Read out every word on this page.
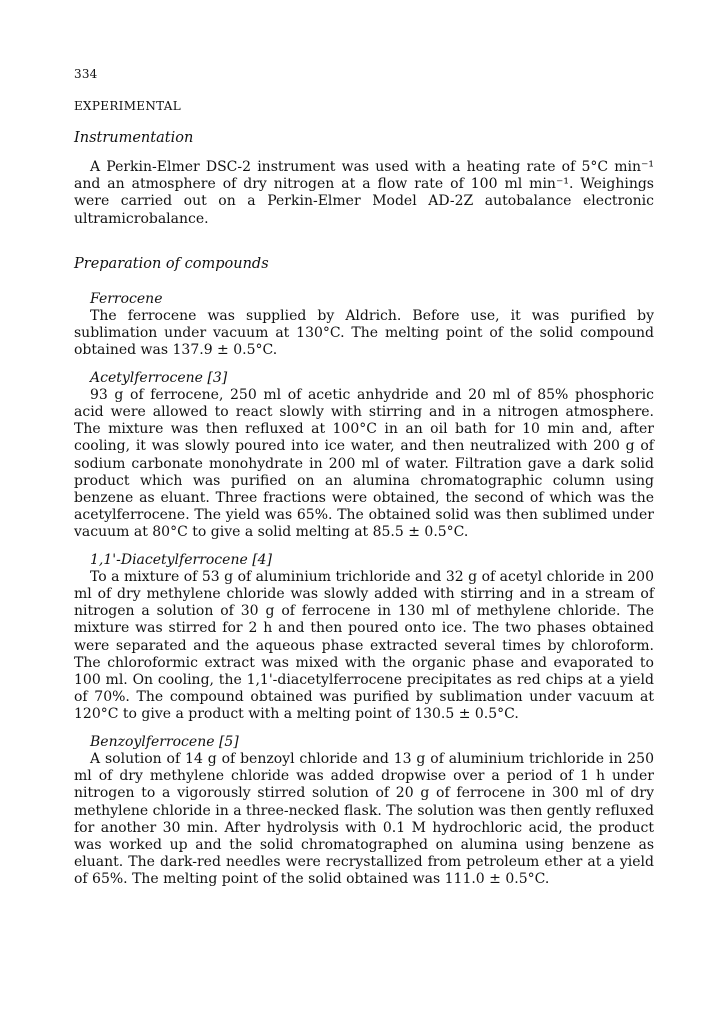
334

EXPERIMENTAL

Instrumentation

A Perkin-Elmer DSC-2 instrument was used with a heating rate of 5°C min⁻¹ and an atmosphere of dry nitrogen at a flow rate of 100 ml min⁻¹. Weighings were carried out on a Perkin-Elmer Model AD-2Z autobalance electronic ultramicrobalance.

Preparation of compounds

Ferrocene

The ferrocene was supplied by Aldrich. Before use, it was purified by sublimation under vacuum at 130°C. The melting point of the solid compound obtained was 137.9 ± 0.5°C.

Acetylferrocene [3]

93 g of ferrocene, 250 ml of acetic anhydride and 20 ml of 85% phosphoric acid were allowed to react slowly with stirring and in a nitrogen atmosphere. The mixture was then refluxed at 100°C in an oil bath for 10 min and, after cooling, it was slowly poured into ice water, and then neutralized with 200 g of sodium carbonate monohydrate in 200 ml of water. Filtration gave a dark solid product which was purified on an alumina chromatographic column using benzene as eluant. Three fractions were obtained, the second of which was the acetylferrocene. The yield was 65%. The obtained solid was then sublimed under vacuum at 80°C to give a solid melting at 85.5 ± 0.5°C.

1,1'-Diacetylferrocene [4]

To a mixture of 53 g of aluminium trichloride and 32 g of acetyl chloride in 200 ml of dry methylene chloride was slowly added with stirring and in a stream of nitrogen a solution of 30 g of ferrocene in 130 ml of methylene chloride. The mixture was stirred for 2 h and then poured onto ice. The two phases obtained were separated and the aqueous phase extracted several times by chloroform. The chloroformic extract was mixed with the organic phase and evaporated to 100 ml. On cooling, the 1,1'-diacetylferrocene precipitates as red chips at a yield of 70%. The compound obtained was purified by sublimation under vacuum at 120°C to give a product with a melting point of 130.5 ± 0.5°C.

Benzoylferrocene [5]

A solution of 14 g of benzoyl chloride and 13 g of aluminium trichloride in 250 ml of dry methylene chloride was added dropwise over a period of 1 h under nitrogen to a vigorously stirred solution of 20 g of ferrocene in 300 ml of dry methylene chloride in a three-necked flask. The solution was then gently refluxed for another 30 min. After hydrolysis with 0.1 M hydrochloric acid, the product was worked up and the solid chromatographed on alumina using benzene as eluant. The dark-red needles were recrystallized from petroleum ether at a yield of 65%. The melting point of the solid obtained was 111.0 ± 0.5°C.
